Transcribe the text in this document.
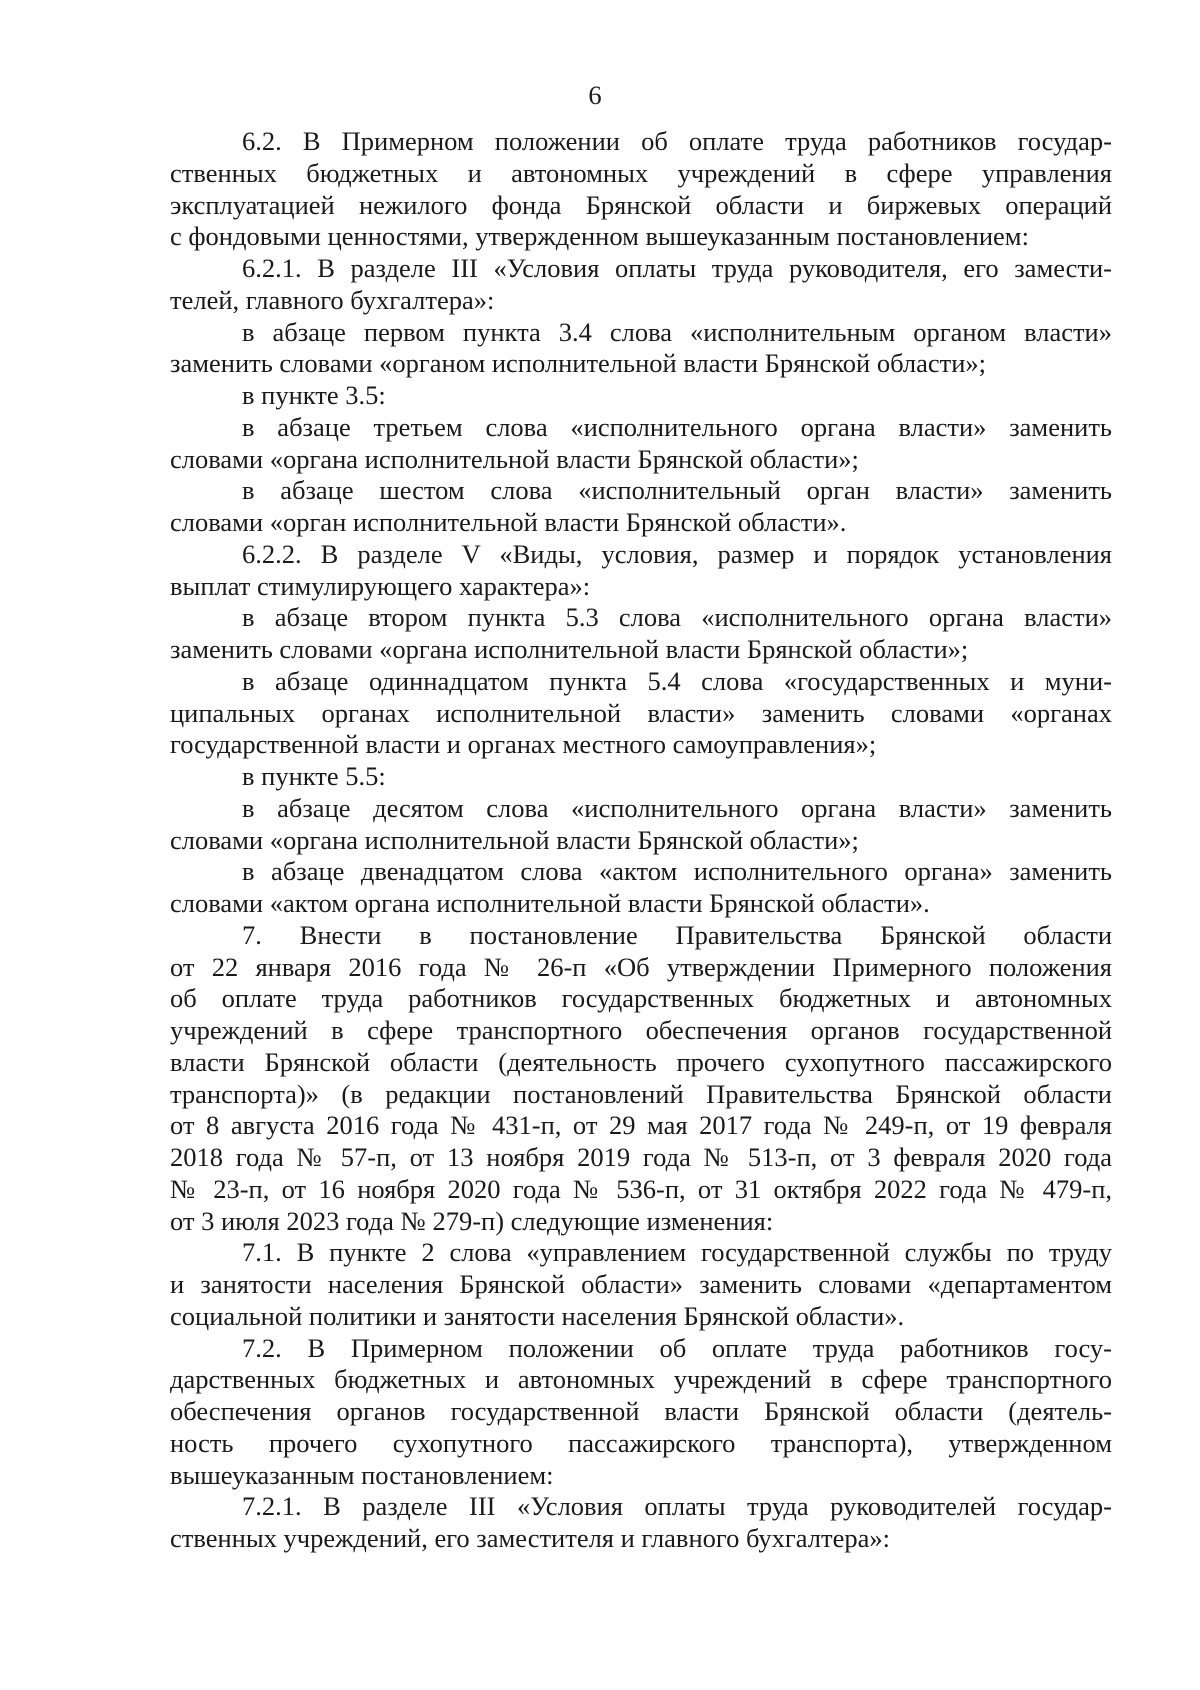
6
6.2. В Примерном положении об оплате труда работников государ-
ственных бюджетных и автономных учреждений в сфере управления
эксплуатацией нежилого фонда Брянской области и биржевых операций
с фондовыми ценностями, утвержденном вышеуказанным постановлением:
6.2.1. В разделе III «Условия оплаты труда руководителя, его замести-
телей, главного бухгалтера»:
в абзаце первом пункта 3.4 слова «исполнительным органом власти»
заменить словами «органом исполнительной власти Брянской области»;
в пункте 3.5:
в абзаце третьем слова «исполнительного органа власти» заменить
словами «органа исполнительной власти Брянской области»;
в абзаце шестом слова «исполнительный орган власти» заменить
словами «орган исполнительной власти Брянской области».
6.2.2. В разделе V «Виды, условия, размер и порядок установления
выплат стимулирующего характера»:
в абзаце втором пункта 5.3 слова «исполнительного органа власти»
заменить словами «органа исполнительной власти Брянской области»;
в абзаце одиннадцатом пункта 5.4 слова «государственных и муни-
ципальных органах исполнительной власти» заменить словами «органах
государственной власти и органах местного самоуправления»;
в пункте 5.5:
в абзаце десятом слова «исполнительного органа власти» заменить
словами «органа исполнительной власти Брянской области»;
в абзаце двенадцатом слова «актом исполнительного органа» заменить
словами «актом органа исполнительной власти Брянской области».
7. Внести в постановление Правительства Брянской области
от 22 января 2016 года № 26-п «Об утверждении Примерного положения
об оплате труда работников государственных бюджетных и автономных
учреждений в сфере транспортного обеспечения органов государственной
власти Брянской области (деятельность прочего сухопутного пассажирского
транспорта)» (в редакции постановлений Правительства Брянской области
от 8 августа 2016 года № 431-п, от 29 мая 2017 года № 249-п, от 19 февраля
2018 года № 57-п, от 13 ноября 2019 года № 513-п, от 3 февраля 2020 года
№ 23-п, от 16 ноября 2020 года № 536-п, от 31 октября 2022 года № 479-п,
от 3 июля 2023 года № 279-п) следующие изменения:
7.1. В пункте 2 слова «управлением государственной службы по труду
и занятости населения Брянской области» заменить словами «департаментом
социальной политики и занятости населения Брянской области».
7.2. В Примерном положении об оплате труда работников госу-
дарственных бюджетных и автономных учреждений в сфере транспортного
обеспечения органов государственной власти Брянской области (деятель-
ность прочего сухопутного пассажирского транспорта), утвержденном
вышеуказанным постановлением:
7.2.1. В разделе III «Условия оплаты труда руководителей государ-
ственных учреждений, его заместителя и главного бухгалтера»:
